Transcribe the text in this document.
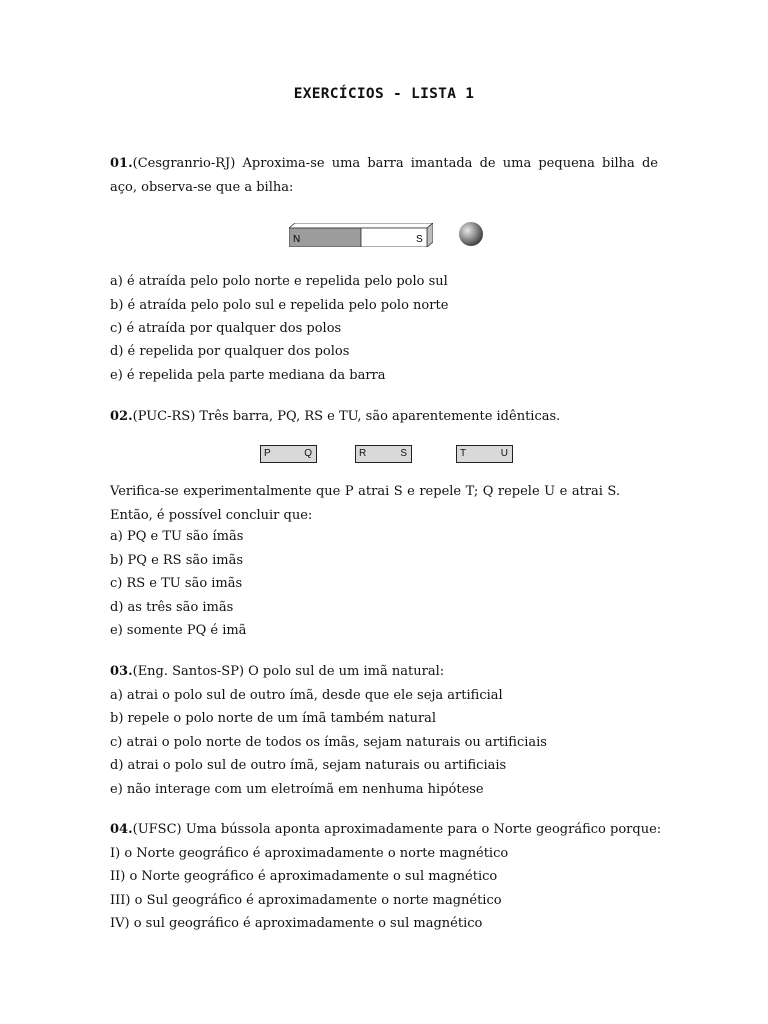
EXERCÍCIOS - LISTA 1
01.(Cesgranrio-RJ) Aproxima-se uma barra imantada de uma pequena bilha de aço, observa-se que a bilha:
N	S
a) é atraída pelo polo norte e repelida pelo polo sul
b) é atraída pelo polo sul e repelida pelo polo norte
c) é atraída por qualquer dos polos
d) é repelida por qualquer dos polos
e) é repelida pela parte mediana da barra
02.(PUC-RS) Três barra, PQ, RS e TU, são aparentemente idênticas.
P	Q	R	S	T	U
Verifica-se experimentalmente que P atrai S e repele T; Q repele U e atrai S. Então, é possível concluir que:
a) PQ e TU são ímãs
b) PQ e RS são imãs
c) RS e TU são imãs
d) as três são imãs
e) somente PQ é imã
03.(Eng. Santos-SP) O polo sul de um imã natural:
a) atrai o polo sul de outro ímã, desde que ele seja artificial
b) repele o polo norte de um ímã também natural
c) atrai o polo norte de todos os ímãs, sejam naturais ou artificiais
d) atrai o polo sul de outro ímã, sejam naturais ou artificiais
e) não interage com um eletroímã em nenhuma hipótese
04.(UFSC) Uma bússola aponta aproximadamente para o Norte geográfico porque:
I) o Norte geográfico é aproximadamente o norte magnético
II) o Norte geográfico é aproximadamente o sul magnético
III) o Sul geográfico é aproximadamente o norte magnético
IV) o sul geográfico é aproximadamente o sul magnético
